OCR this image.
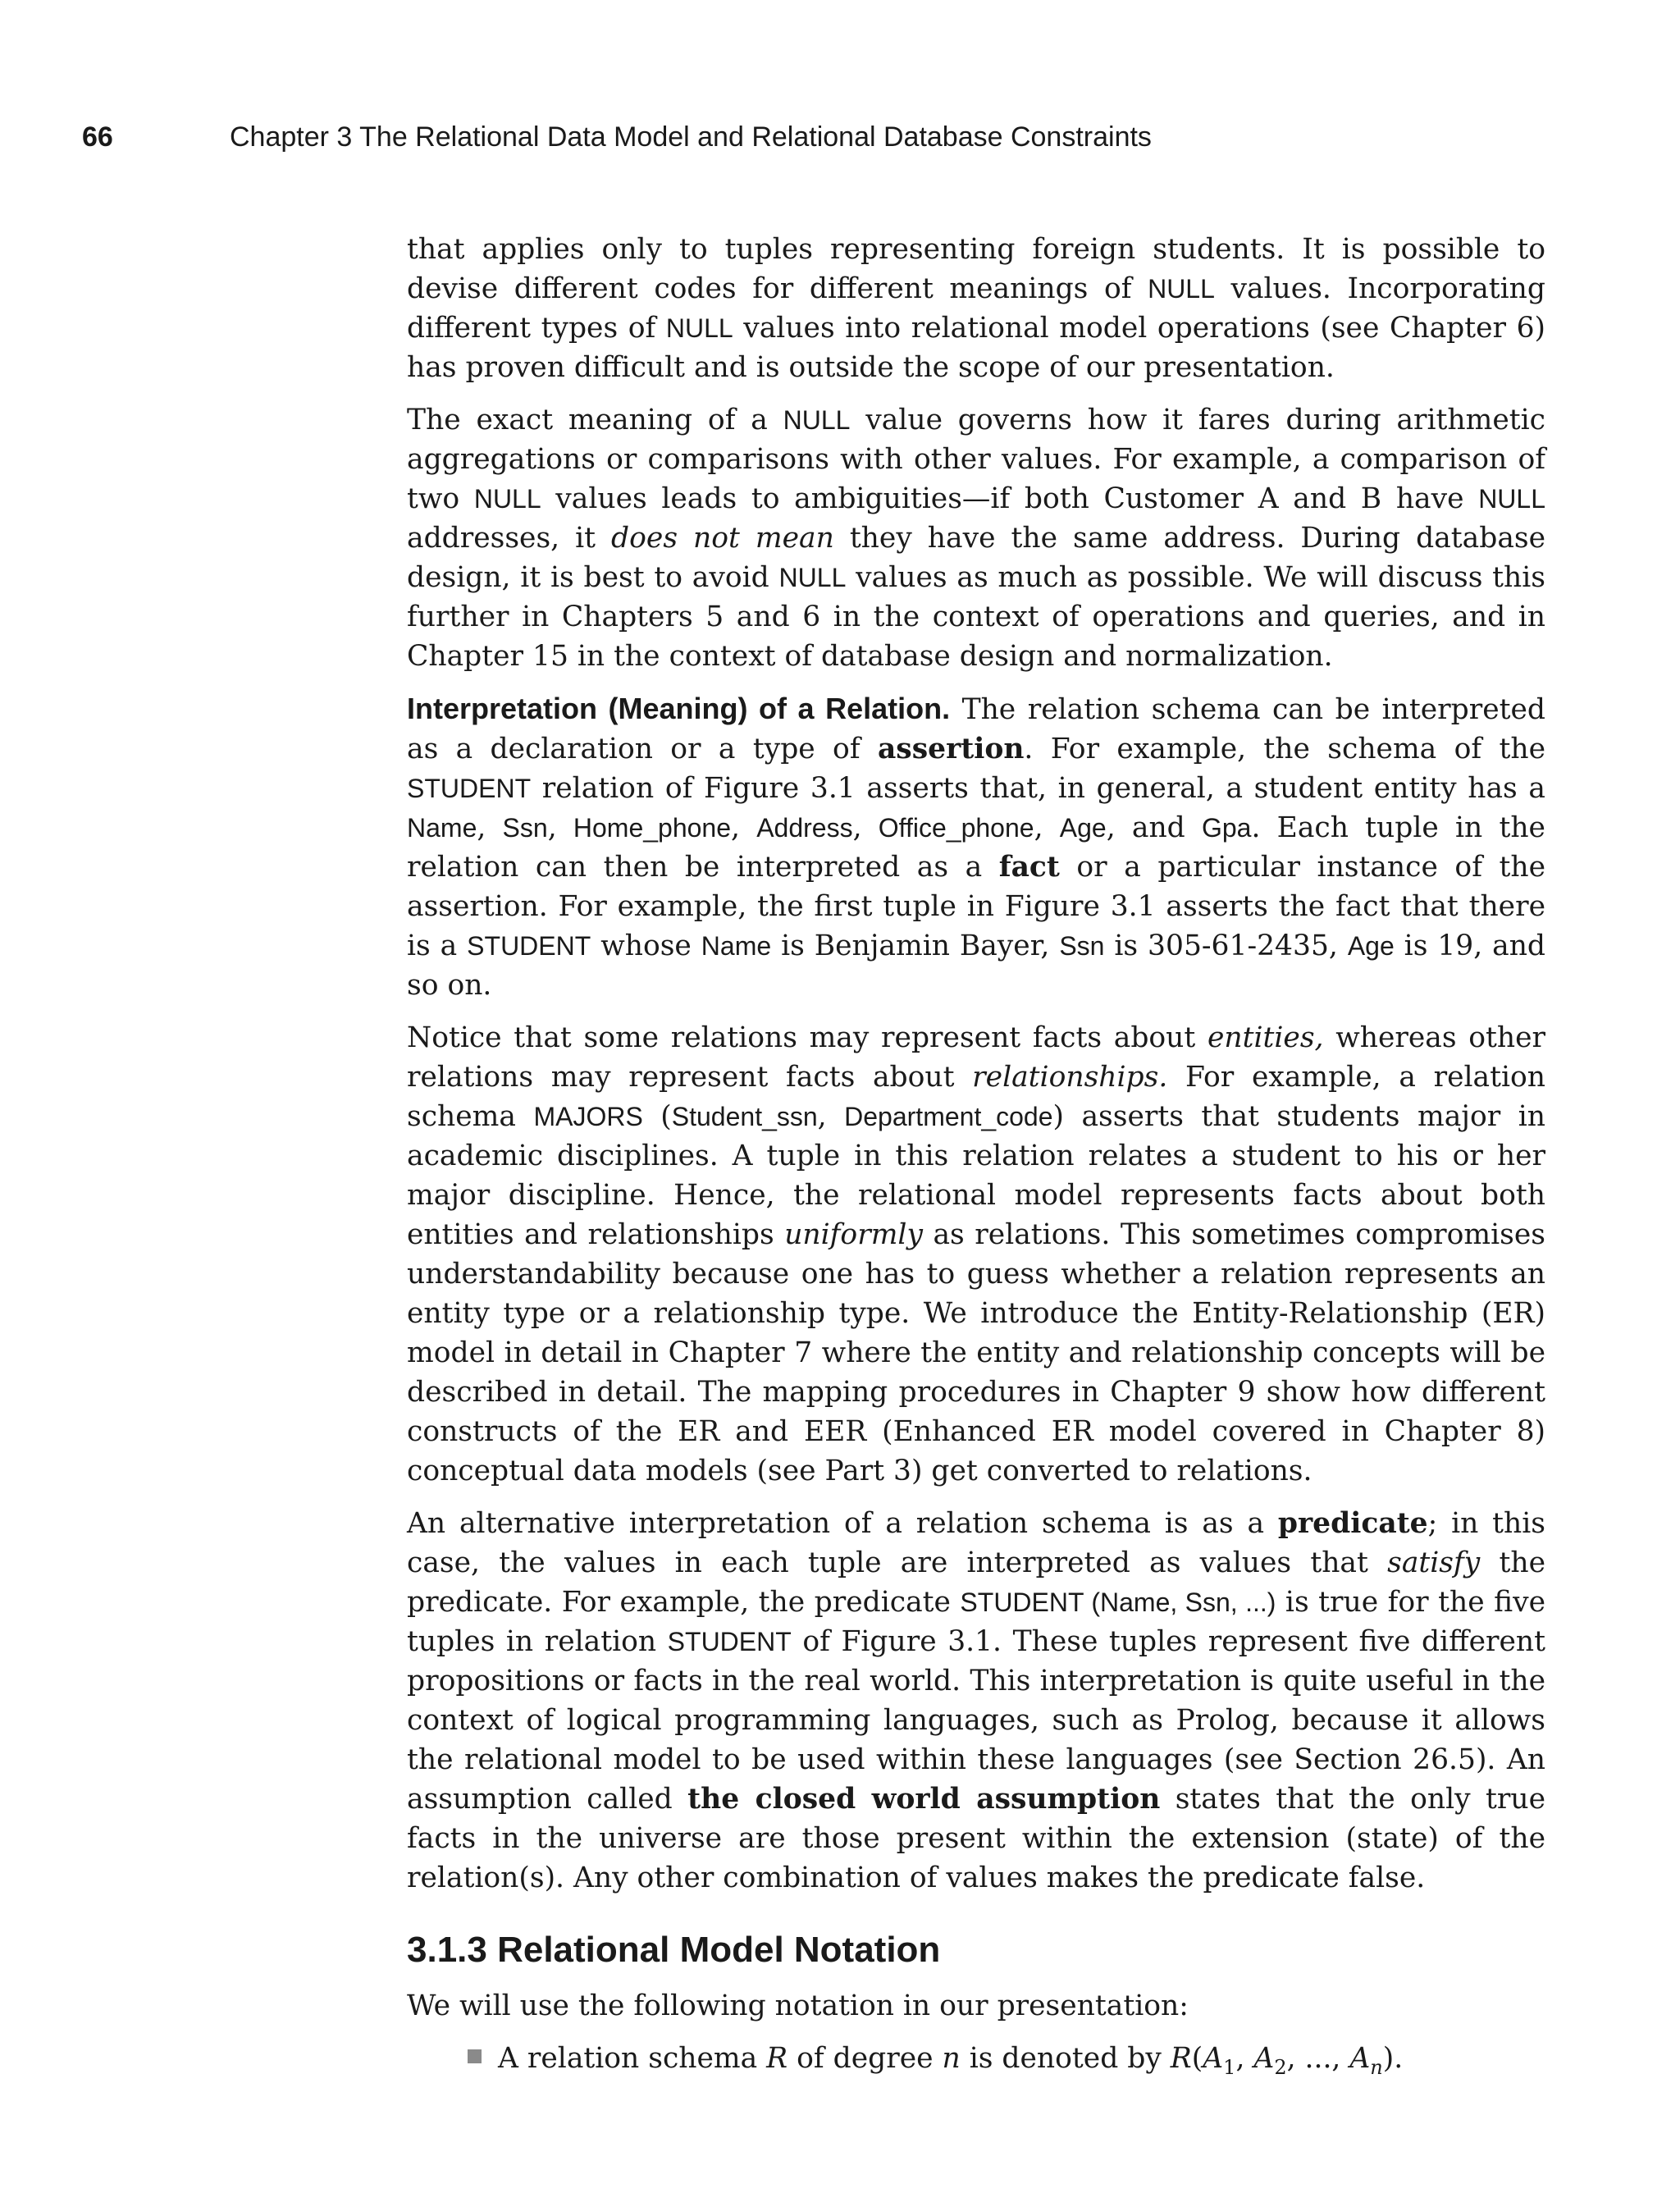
66	Chapter 3 The Relational Data Model and Relational Database Constraints

that applies only to tuples representing foreign students. It is possible to devise different codes for different meanings of NULL values. Incorporating different types of NULL values into relational model operations (see Chapter 6) has proven difficult and is outside the scope of our presentation.

The exact meaning of a NULL value governs how it fares during arithmetic aggregations or comparisons with other values. For example, a comparison of two NULL values leads to ambiguities—if both Customer A and B have NULL addresses, it does not mean they have the same address. During database design, it is best to avoid NULL values as much as possible. We will discuss this further in Chapters 5 and 6 in the context of operations and queries, and in Chapter 15 in the context of database design and normalization.

Interpretation (Meaning) of a Relation. The relation schema can be interpreted as a declaration or a type of assertion. For example, the schema of the STUDENT relation of Figure 3.1 asserts that, in general, a student entity has a Name, Ssn, Home_phone, Address, Office_phone, Age, and Gpa. Each tuple in the relation can then be interpreted as a fact or a particular instance of the assertion. For example, the first tuple in Figure 3.1 asserts the fact that there is a STUDENT whose Name is Benjamin Bayer, Ssn is 305-61-2435, Age is 19, and so on.

Notice that some relations may represent facts about entities, whereas other relations may represent facts about relationships. For example, a relation schema MAJORS (Student_ssn, Department_code) asserts that students major in academic disciplines. A tuple in this relation relates a student to his or her major discipline. Hence, the relational model represents facts about both entities and relationships uniformly as relations. This sometimes compromises understandability because one has to guess whether a relation represents an entity type or a relationship type. We introduce the Entity-Relationship (ER) model in detail in Chapter 7 where the entity and relationship concepts will be described in detail. The mapping procedures in Chapter 9 show how different constructs of the ER and EER (Enhanced ER model covered in Chapter 8) conceptual data models (see Part 3) get converted to relations.

An alternative interpretation of a relation schema is as a predicate; in this case, the values in each tuple are interpreted as values that satisfy the predicate. For example, the predicate STUDENT (Name, Ssn, ...) is true for the five tuples in relation STUDENT of Figure 3.1. These tuples represent five different propositions or facts in the real world. This interpretation is quite useful in the context of logical programming languages, such as Prolog, because it allows the relational model to be used within these languages (see Section 26.5). An assumption called the closed world assumption states that the only true facts in the universe are those present within the extension (state) of the relation(s). Any other combination of values makes the predicate false.

3.1.3 Relational Model Notation

We will use the following notation in our presentation:

A relation schema R of degree n is denoted by $R(A_1$, $A_2$, ..., $A_n$).
